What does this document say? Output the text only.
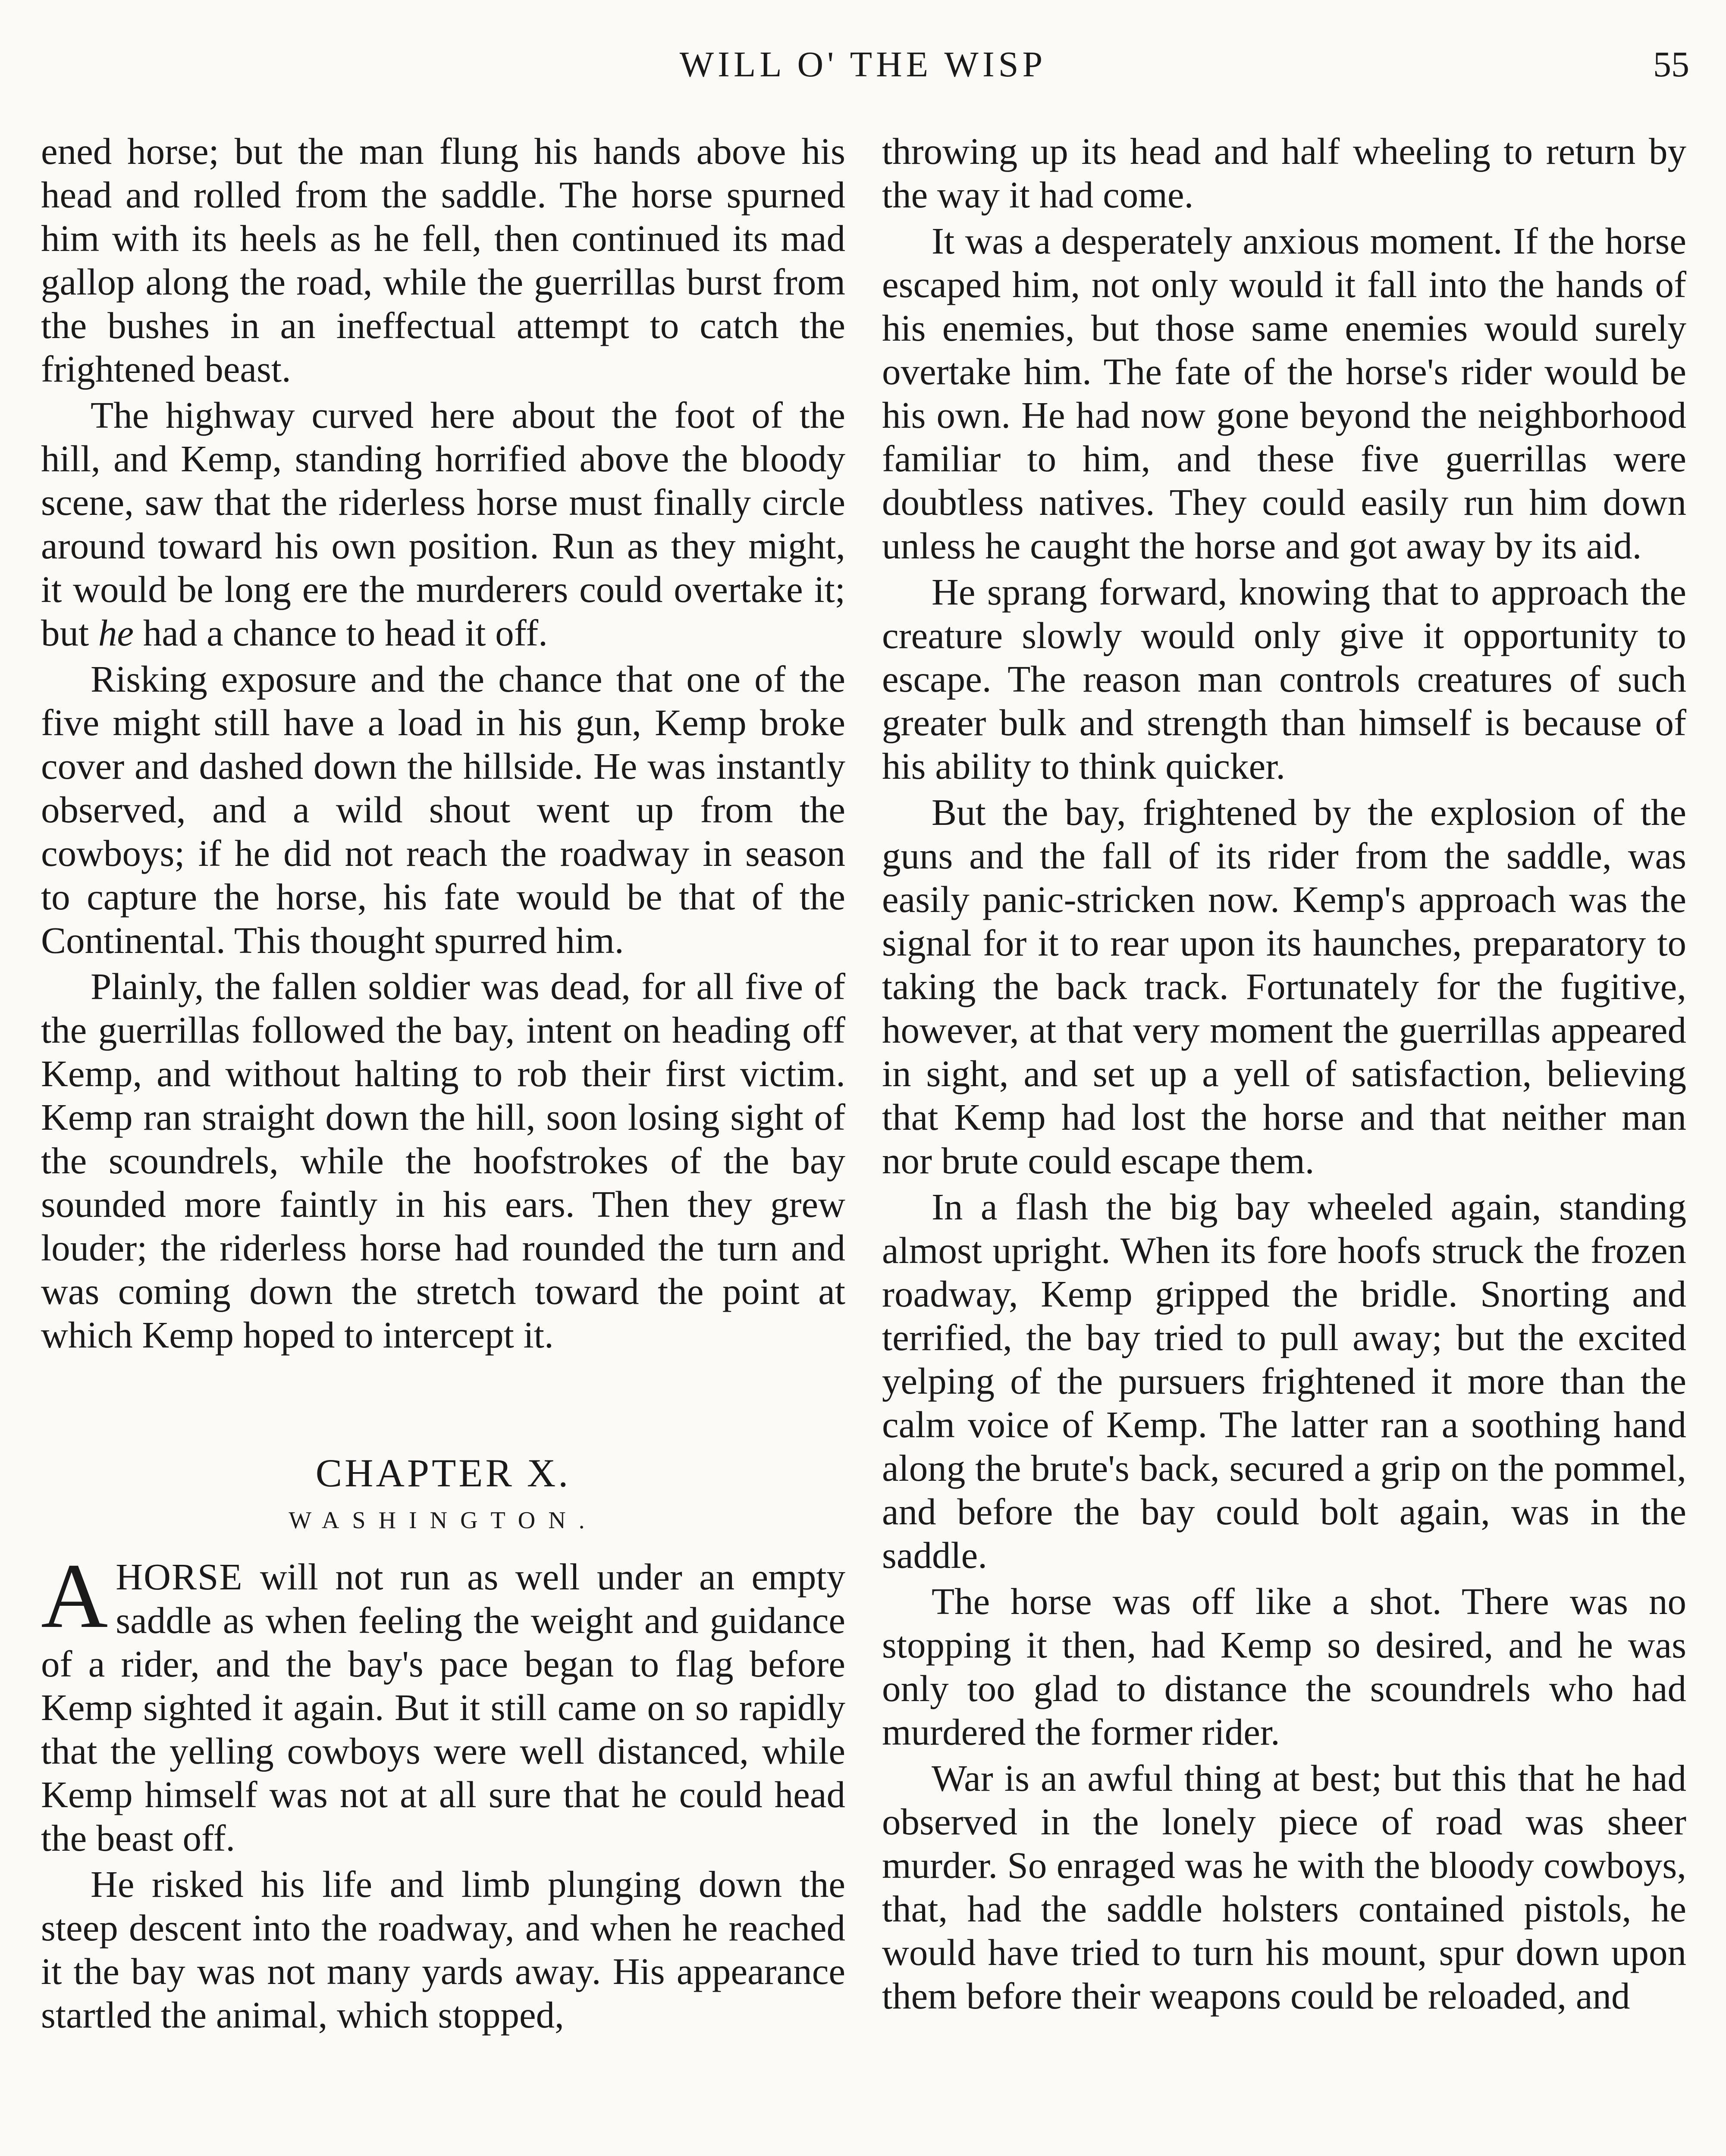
WILL O' THE WISP	55

ened horse; but the man flung his hands above his head and rolled from the saddle. The horse spurned him with its heels as he fell, then continued its mad gallop along the road, while the guerrillas burst from the bushes in an ineffectual attempt to catch the frightened beast.

The highway curved here about the foot of the hill, and Kemp, standing horrified above the bloody scene, saw that the riderless horse must finally circle around toward his own position. Run as they might, it would be long ere the murderers could overtake it; but he had a chance to head it off.

Risking exposure and the chance that one of the five might still have a load in his gun, Kemp broke cover and dashed down the hillside. He was instantly observed, and a wild shout went up from the cowboys; if he did not reach the roadway in season to capture the horse, his fate would be that of the Continental. This thought spurred him.

Plainly, the fallen soldier was dead, for all five of the guerrillas followed the bay, intent on heading off Kemp, and without halting to rob their first victim. Kemp ran straight down the hill, soon losing sight of the scoundrels, while the hoofstrokes of the bay sounded more faintly in his ears. Then they grew louder; the riderless horse had rounded the turn and was coming down the stretch toward the point at which Kemp hoped to intercept it.

CHAPTER X.
WASHINGTON.

AHORSE will not run as well under an empty saddle as when feeling the weight and guidance of a rider, and the bay's pace began to flag before Kemp sighted it again. But it still came on so rapidly that the yelling cowboys were well distanced, while Kemp himself was not at all sure that he could head the beast off.

He risked his life and limb plunging down the steep descent into the roadway, and when he reached it the bay was not many yards away. His appearance startled the animal, which stopped,

throwing up its head and half wheeling to return by the way it had come.

It was a desperately anxious moment. If the horse escaped him, not only would it fall into the hands of his enemies, but those same enemies would surely overtake him. The fate of the horse's rider would be his own. He had now gone beyond the neighborhood familiar to him, and these five guerrillas were doubtless natives. They could easily run him down unless he caught the horse and got away by its aid.

He sprang forward, knowing that to approach the creature slowly would only give it opportunity to escape. The reason man controls creatures of such greater bulk and strength than himself is because of his ability to think quicker.

But the bay, frightened by the explosion of the guns and the fall of its rider from the saddle, was easily panic-stricken now. Kemp's approach was the signal for it to rear upon its haunches, preparatory to taking the back track. Fortunately for the fugitive, however, at that very moment the guerrillas appeared in sight, and set up a yell of satisfaction, believing that Kemp had lost the horse and that neither man nor brute could escape them.

In a flash the big bay wheeled again, standing almost upright. When its fore hoofs struck the frozen roadway, Kemp gripped the bridle. Snorting and terrified, the bay tried to pull away; but the excited yelping of the pursuers frightened it more than the calm voice of Kemp. The latter ran a soothing hand along the brute's back, secured a grip on the pommel, and before the bay could bolt again, was in the saddle.

The horse was off like a shot. There was no stopping it then, had Kemp so desired, and he was only too glad to distance the scoundrels who had murdered the former rider.

War is an awful thing at best; but this that he had observed in the lonely piece of road was sheer murder. So enraged was he with the bloody cowboys, that, had the saddle holsters contained pistols, he would have tried to turn his mount, spur down upon them before their weapons could be reloaded, and
